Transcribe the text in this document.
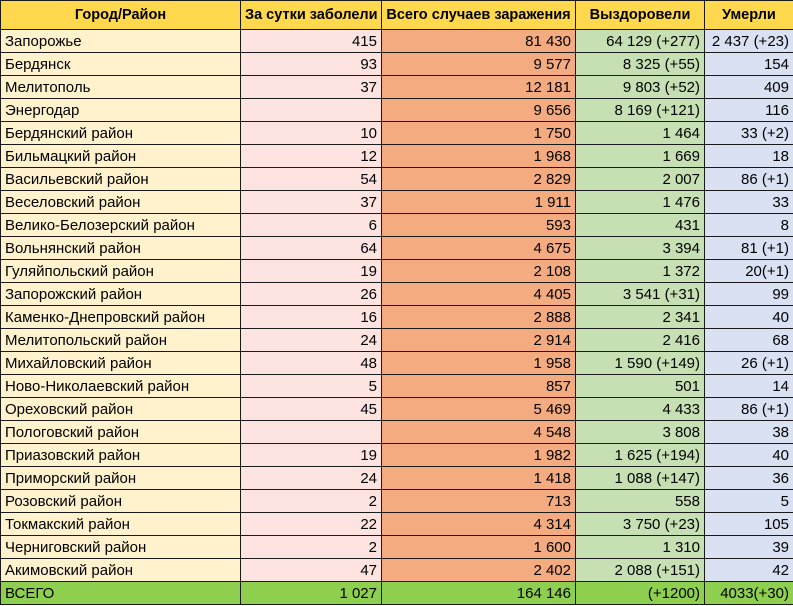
Город/Район	За сутки заболели	Всего случаев заражения	Выздоровели	Умерли
Запорожье	415	81 430	64 129 (+277)	2 437 (+23)
Бердянск	93	9 577	8 325 (+55)	154
Мелитополь	37	12 181	9 803 (+52)	409
Энергодар		9 656	8 169 (+121)	116
Бердянский район	10	1 750	1 464	33 (+2)
Бильмацкий район	12	1 968	1 669	18
Васильевский район	54	2 829	2 007	86 (+1)
Веселовский район	37	1 911	1 476	33
Велико-Белозерский район	6	593	431	8
Вольнянский район	64	4 675	3 394	81 (+1)
Гуляйпольский район	19	2 108	1 372	20(+1)
Запорожский район	26	4 405	3 541 (+31)	99
Каменко-Днепровский район	16	2 888	2 341	40
Мелитопольский район	24	2 914	2 416	68
Михайловский район	48	1 958	1 590 (+149)	26 (+1)
Ново-Николаевский район	5	857	501	14
Ореховский район	45	5 469	4 433	86 (+1)
Пологовский район		4 548	3 808	38
Приазовский район	19	1 982	1 625 (+194)	40
Приморский район	24	1 418	1 088 (+147)	36
Розовский район	2	713	558	5
Токмакский район	22	4 314	3 750 (+23)	105
Черниговский район	2	1 600	1 310	39
Акимовский район	47	2 402	2 088 (+151)	42
ВСЕГО	1 027	164 146	(+1200)	4033(+30)
